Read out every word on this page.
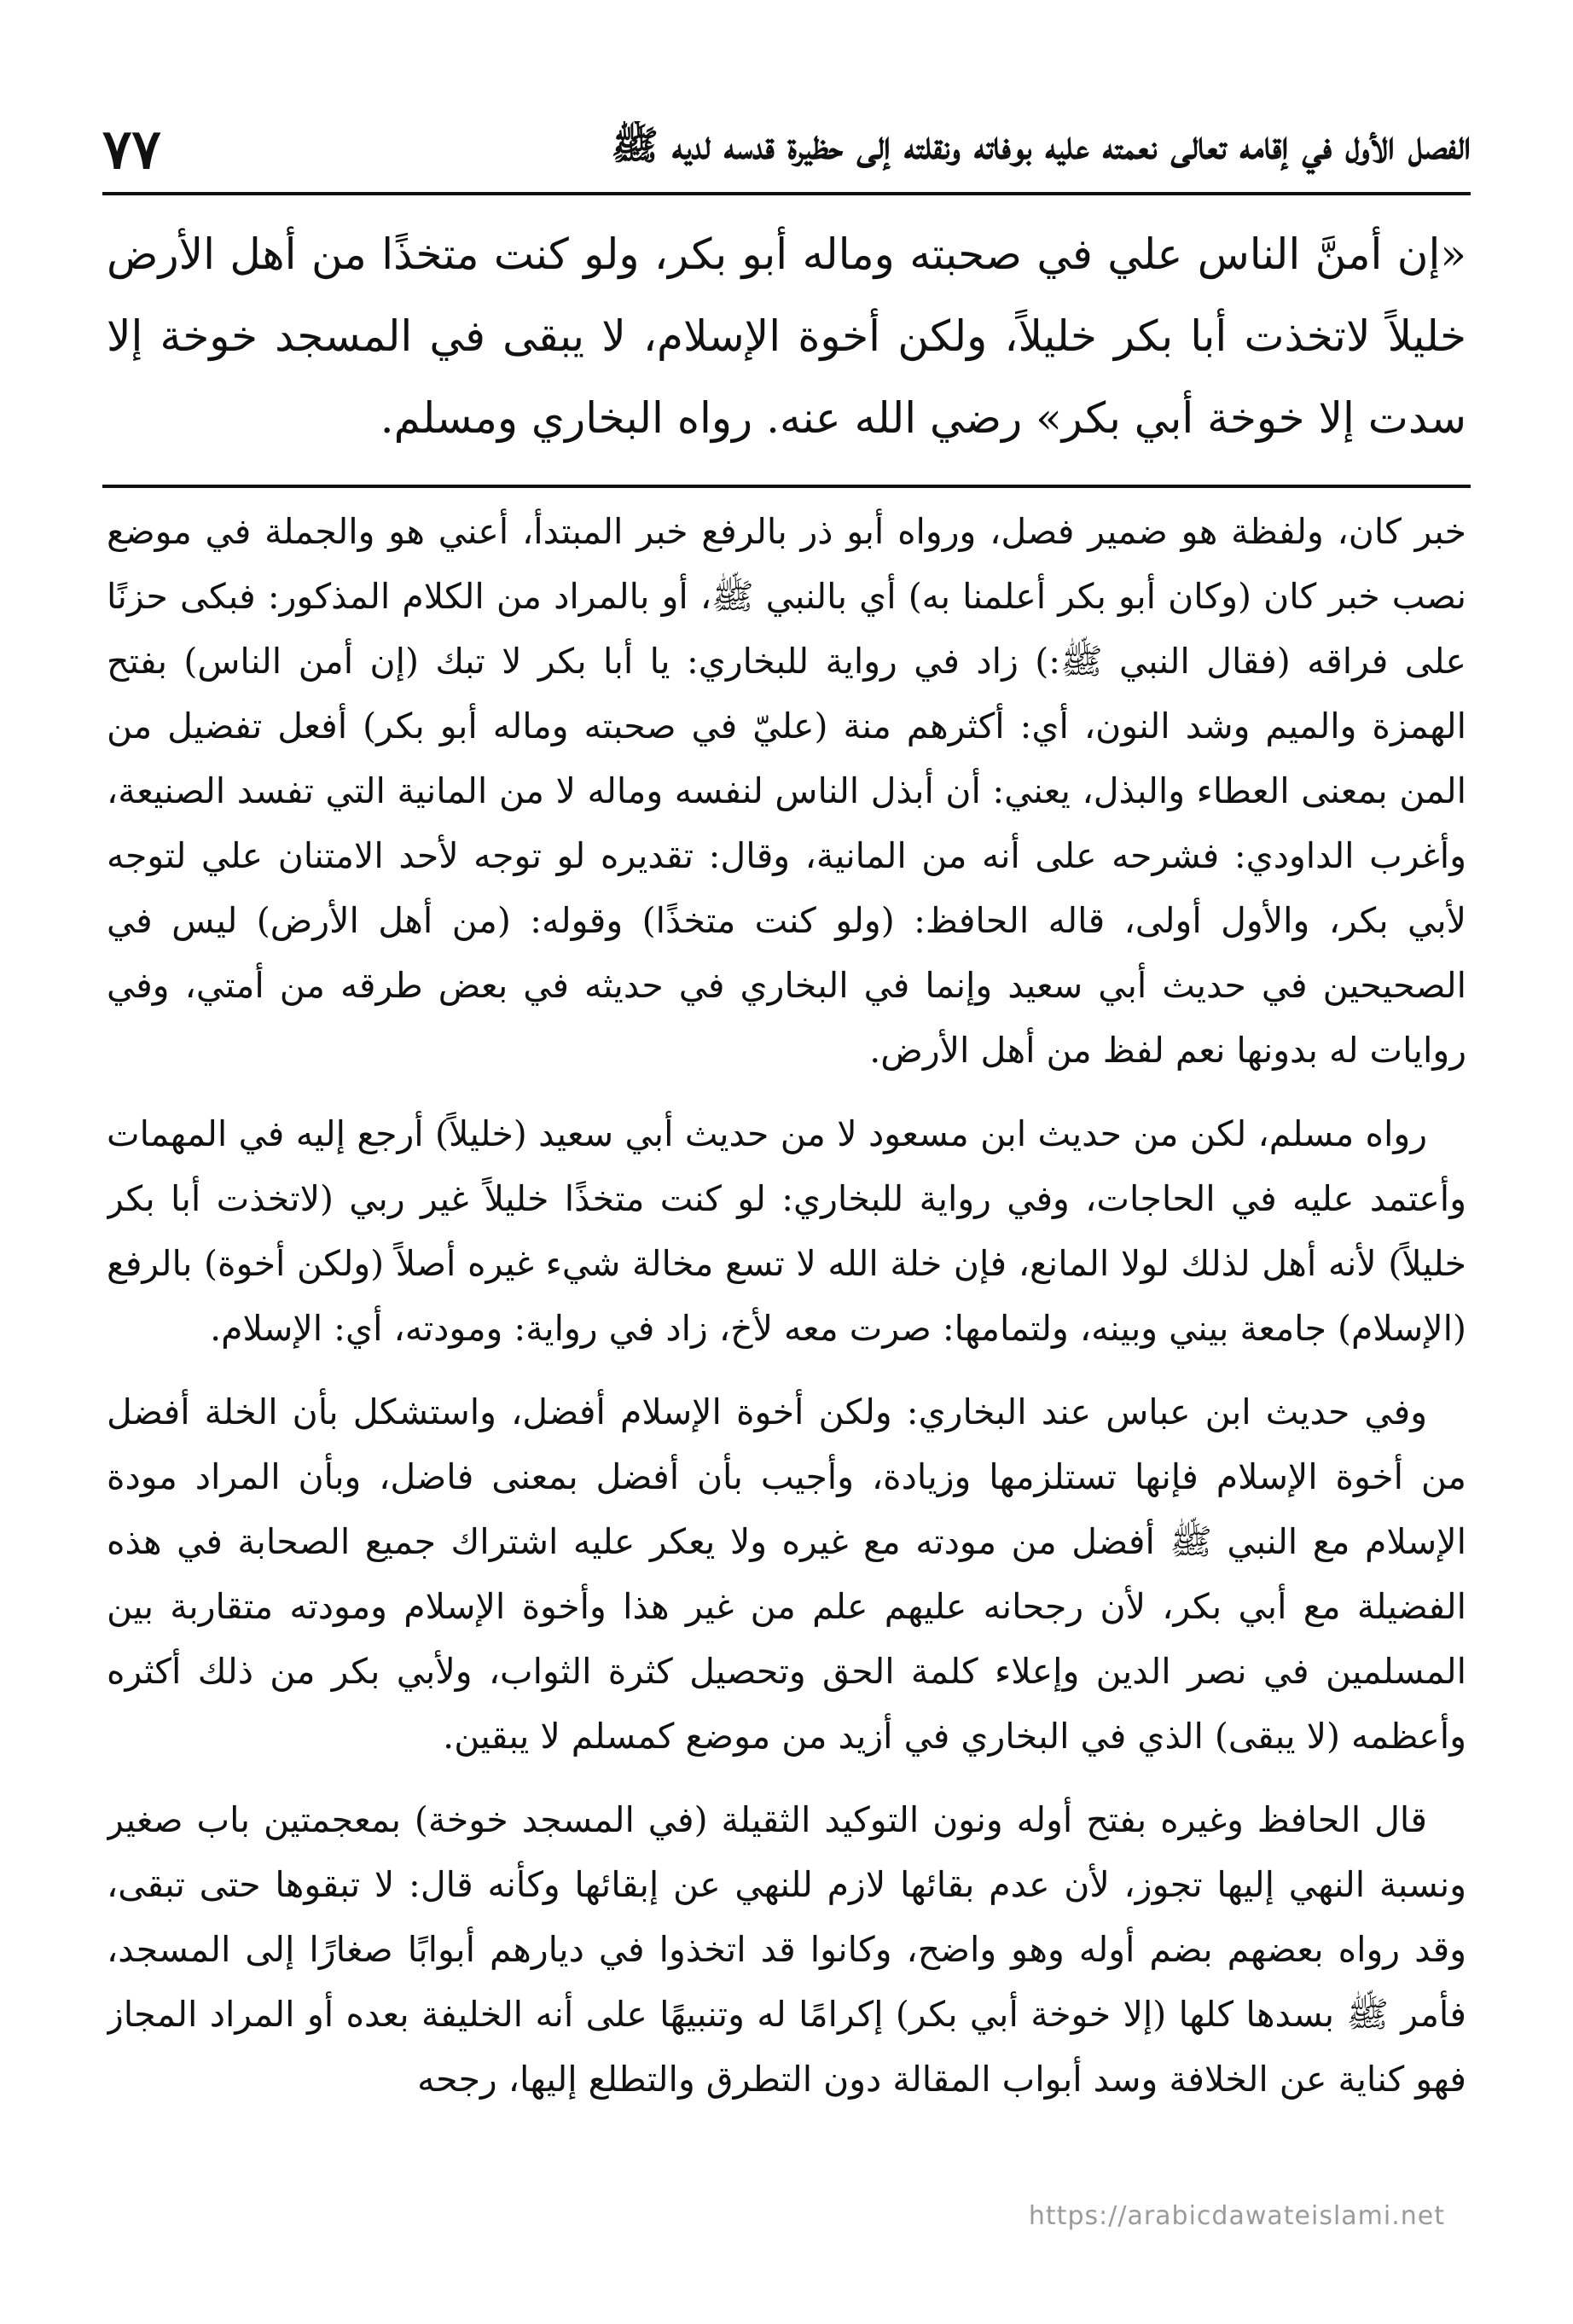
الفصل الأول في إقامه تعالى نعمته عليه بوفاته ونقلته إلى حظيرة قدسه لديه ﷺ
٧٧
«إن أمنَّ الناس علي في صحبته وماله أبو بكر، ولو كنت متخذًا من أهل الأرض خليلاً لاتخذت أبا بكر خليلاً، ولكن أخوة الإسلام، لا يبقى في المسجد خوخة إلا سدت إلا خوخة أبي بكر» رضي الله عنه. رواه البخاري ومسلم.

خبر كان، ولفظة هو ضمير فصل، ورواه أبو ذر بالرفع خبر المبتدأ، أعني هو والجملة في موضع نصب خبر كان (وكان أبو بكر أعلمنا به) أي بالنبي ﷺ، أو بالمراد من الكلام المذكور: فبكى حزنًا على فراقه (فقال النبي ﷺ:) زاد في رواية للبخاري: يا أبا بكر لا تبك (إن أمن الناس) بفتح الهمزة والميم وشد النون، أي: أكثرهم منة (عليّ في صحبته وماله أبو بكر) أفعل تفضيل من المن بمعنى العطاء والبذل، يعني: أن أبذل الناس لنفسه وماله لا من المانية التي تفسد الصنيعة، وأغرب الداودي: فشرحه على أنه من المانية، وقال: تقديره لو توجه لأحد الامتنان علي لتوجه لأبي بكر، والأول أولى، قاله الحافظ: (ولو كنت متخذًا) وقوله: (من أهل الأرض) ليس في الصحيحين في حديث أبي سعيد وإنما في البخاري في حديثه في بعض طرقه من أمتي، وفي روايات له بدونها نعم لفظ من أهل الأرض.

رواه مسلم، لكن من حديث ابن مسعود لا من حديث أبي سعيد (خليلاً) أرجع إليه في المهمات وأعتمد عليه في الحاجات، وفي رواية للبخاري: لو كنت متخذًا خليلاً غير ربي (لاتخذت أبا بكر خليلاً) لأنه أهل لذلك لولا المانع، فإن خلة الله لا تسع مخالة شيء غيره أصلاً (ولكن أخوة) بالرفع (الإسلام) جامعة بيني وبينه، ولتمامها: صرت معه لأخ، زاد في رواية: ومودته، أي: الإسلام.

وفي حديث ابن عباس عند البخاري: ولكن أخوة الإسلام أفضل، واستشكل بأن الخلة أفضل من أخوة الإسلام فإنها تستلزمها وزيادة، وأجيب بأن أفضل بمعنى فاضل، وبأن المراد مودة الإسلام مع النبي ﷺ أفضل من مودته مع غيره ولا يعكر عليه اشتراك جميع الصحابة في هذه الفضيلة مع أبي بكر، لأن رجحانه عليهم علم من غير هذا وأخوة الإسلام ومودته متقاربة بين المسلمين في نصر الدين وإعلاء كلمة الحق وتحصيل كثرة الثواب، ولأبي بكر من ذلك أكثره وأعظمه (لا يبقى) الذي في البخاري في أزيد من موضع كمسلم لا يبقين.

قال الحافظ وغيره بفتح أوله ونون التوكيد الثقيلة (في المسجد خوخة) بمعجمتين باب صغير ونسبة النهي إليها تجوز، لأن عدم بقائها لازم للنهي عن إبقائها وكأنه قال: لا تبقوها حتى تبقى، وقد رواه بعضهم بضم أوله وهو واضح، وكانوا قد اتخذوا في ديارهم أبوابًا صغارًا إلى المسجد، فأمر ﷺ بسدها كلها (إلا خوخة أبي بكر) إكرامًا له وتنبيهًا على أنه الخليفة بعده أو المراد المجاز فهو كناية عن الخلافة وسد أبواب المقالة دون التطرق والتطلع إليها، رجحه

https://arabicdawateislami.net
